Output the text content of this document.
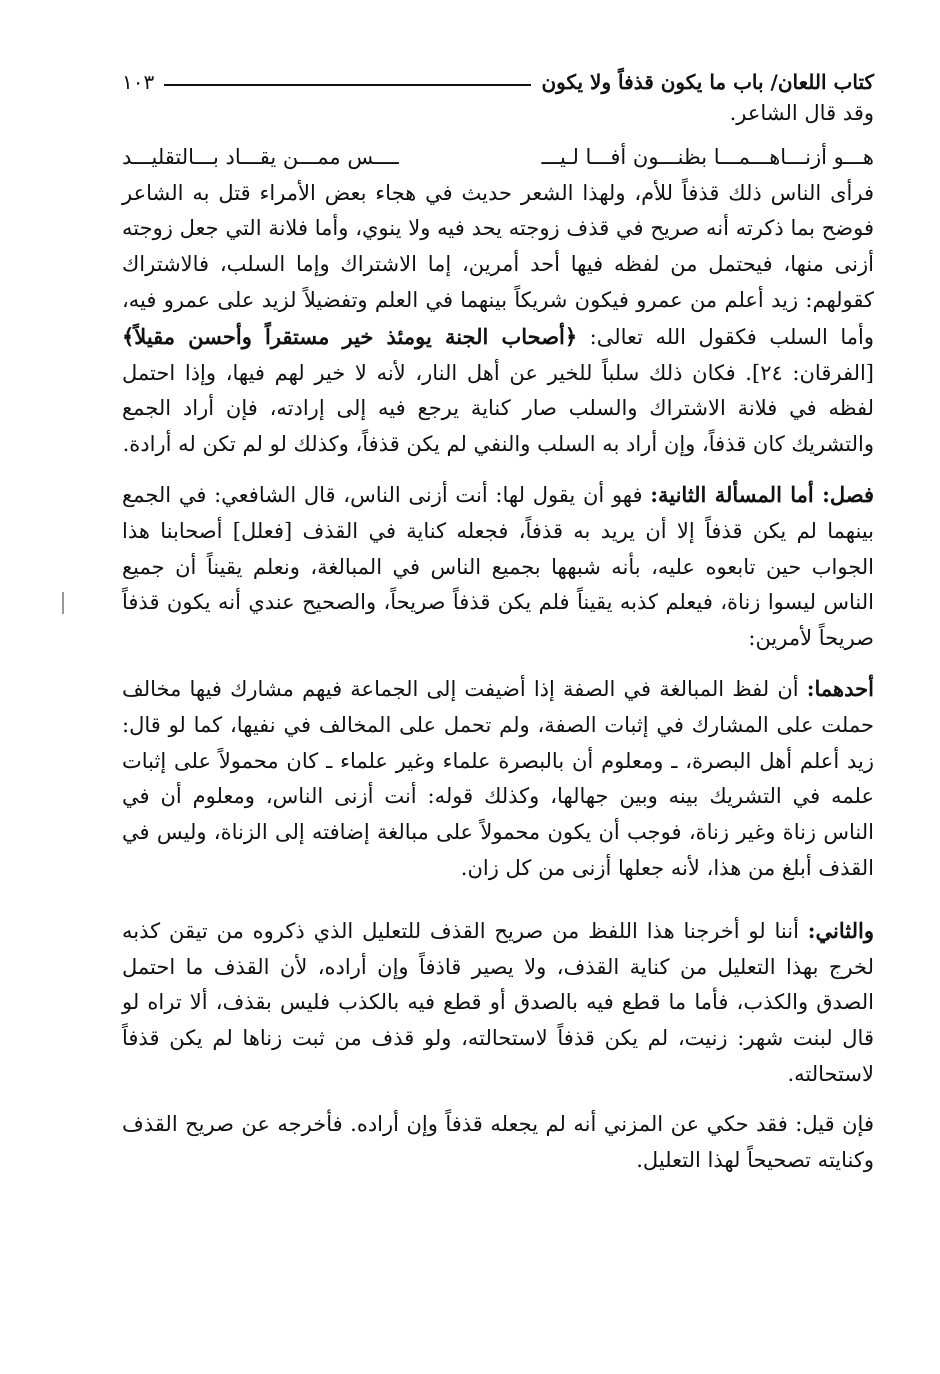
كتاب اللعان/ باب ما يكون قذفاً ولا يكون
١٠٣

وقد قال الشاعر.

هـــو أزنـــاهـــمـــا بظنـــون أفـــا لـيـــ
ــــس ممـــن يقـــاد بـــالتقليـــد

فرأى الناس ذلك قذفاً للأم، ولهذا الشعر حديث في هجاء بعض الأمراء قتل به الشاعر فوضح بما ذكرته أنه صريح في قذف زوجته يحد فيه ولا ينوي، وأما فلانة التي جعل زوجته أزنى منها، فيحتمل من لفظه فيها أحد أمرين، إما الاشتراك وإما السلب، فالاشتراك كقولهم: زيد أعلم من عمرو فيكون شريكاً بينهما في العلم وتفضيلاً لزيد على عمرو فيه، وأما السلب فكقول الله تعالى: ﴿أصحاب الجنة يومئذ خير مستقراً وأحسن مقيلاً﴾ [الفرقان: ٢٤]. فكان ذلك سلباً للخير عن أهل النار، لأنه لا خير لهم فيها، وإذا احتمل لفظه في فلانة الاشتراك والسلب صار كناية يرجع فيه إلى إرادته، فإن أراد الجمع والتشريك كان قذفاً، وإن أراد به السلب والنفي لم يكن قذفاً، وكذلك لو لم تكن له أرادة.

فصل: أما المسألة الثانية: فهو أن يقول لها: أنت أزنى الناس، قال الشافعي: في الجمع بينهما لم يكن قذفاً إلا أن يريد به قذفاً، فجعله كناية في القذف [فعلل] أصحابنا هذا الجواب حين تابعوه عليه، بأنه شبهها بجميع الناس في المبالغة، ونعلم يقيناً أن جميع الناس ليسوا زناة، فيعلم كذبه يقيناً فلم يكن قذفاً صريحاً، والصحيح عندي أنه يكون قذفاً صريحاً لأمرين:

أحدهما: أن لفظ المبالغة في الصفة إذا أضيفت إلى الجماعة فيهم مشارك فيها مخالف حملت على المشارك في إثبات الصفة، ولم تحمل على المخالف في نفيها، كما لو قال: زيد أعلم أهل البصرة، ـ ومعلوم أن بالبصرة علماء وغير علماء ـ كان محمولاً على إثبات علمه في التشريك بينه وبين جهالها، وكذلك قوله: أنت أزنى الناس، ومعلوم أن في الناس زناة وغير زناة، فوجب أن يكون محمولاً على مبالغة إضافته إلى الزناة، وليس في القذف أبلغ من هذا، لأنه جعلها أزنى من كل زان.

والثاني: أننا لو أخرجنا هذا اللفظ من صريح القذف للتعليل الذي ذكروه من تيقن كذبه لخرج بهذا التعليل من كناية القذف، ولا يصير قاذفاً وإن أراده، لأن القذف ما احتمل الصدق والكذب، فأما ما قطع فيه بالصدق أو قطع فيه بالكذب فليس بقذف، ألا تراه لو قال لبنت شهر: زنيت، لم يكن قذفاً لاستحالته، ولو قذف من ثبت زناها لم يكن قذفاً لاستحالته.

فإن قيل: فقد حكي عن المزني أنه لم يجعله قذفاً وإن أراده. فأخرجه عن صريح القذف وكنايته تصحيحاً لهذا التعليل.
